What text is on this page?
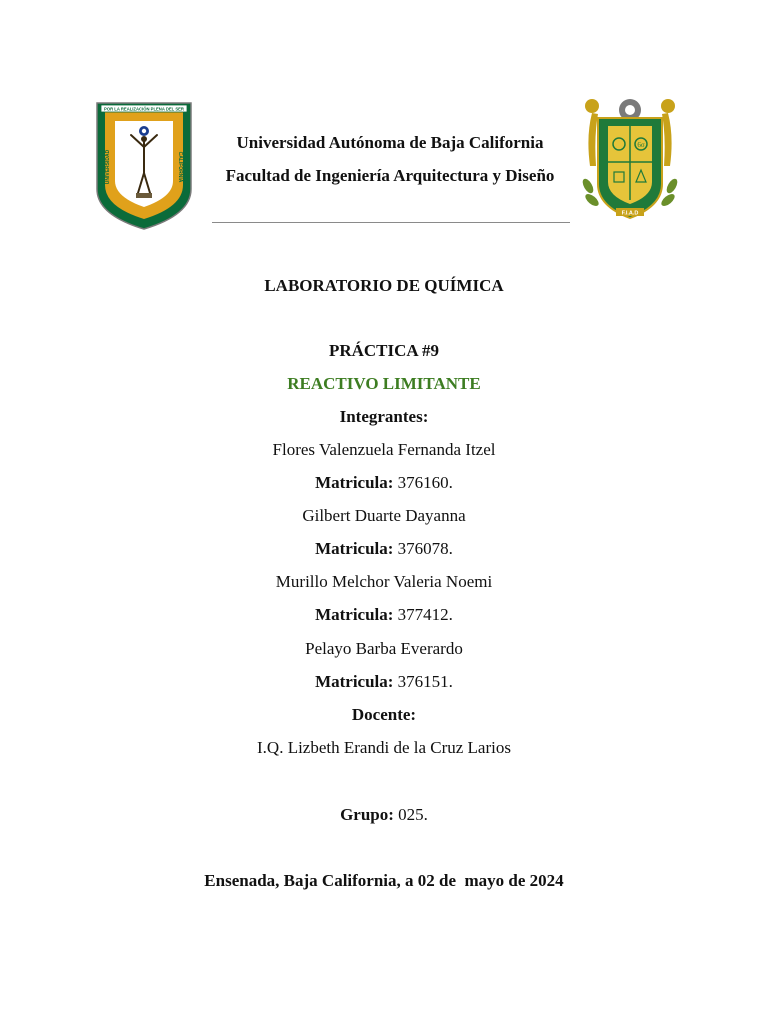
POR LA REALIZACIÓN PLENA DEL SER
UNIVERSIDAD	CALIFORNIA

Universidad Autónoma de Baja California

Facultad de Ingeniería Arquitectura y Diseño

6σ
F.I.A.D
LABORATORIO DE QUÍMICA
PRÁCTICA #9
REACTIVO LIMITANTE
Integrantes:
Flores Valenzuela Fernanda Itzel
Matricula: 376160.
Gilbert Duarte Dayanna
Matricula: 376078.
Murillo Melchor Valeria Noemi
Matricula: 377412.
Pelayo Barba Everardo
Matricula: 376151.
Docente:
I.Q. Lizbeth Erandi de la Cruz Larios
Grupo: 025.
Ensenada, Baja California, a 02 de  mayo de 2024
